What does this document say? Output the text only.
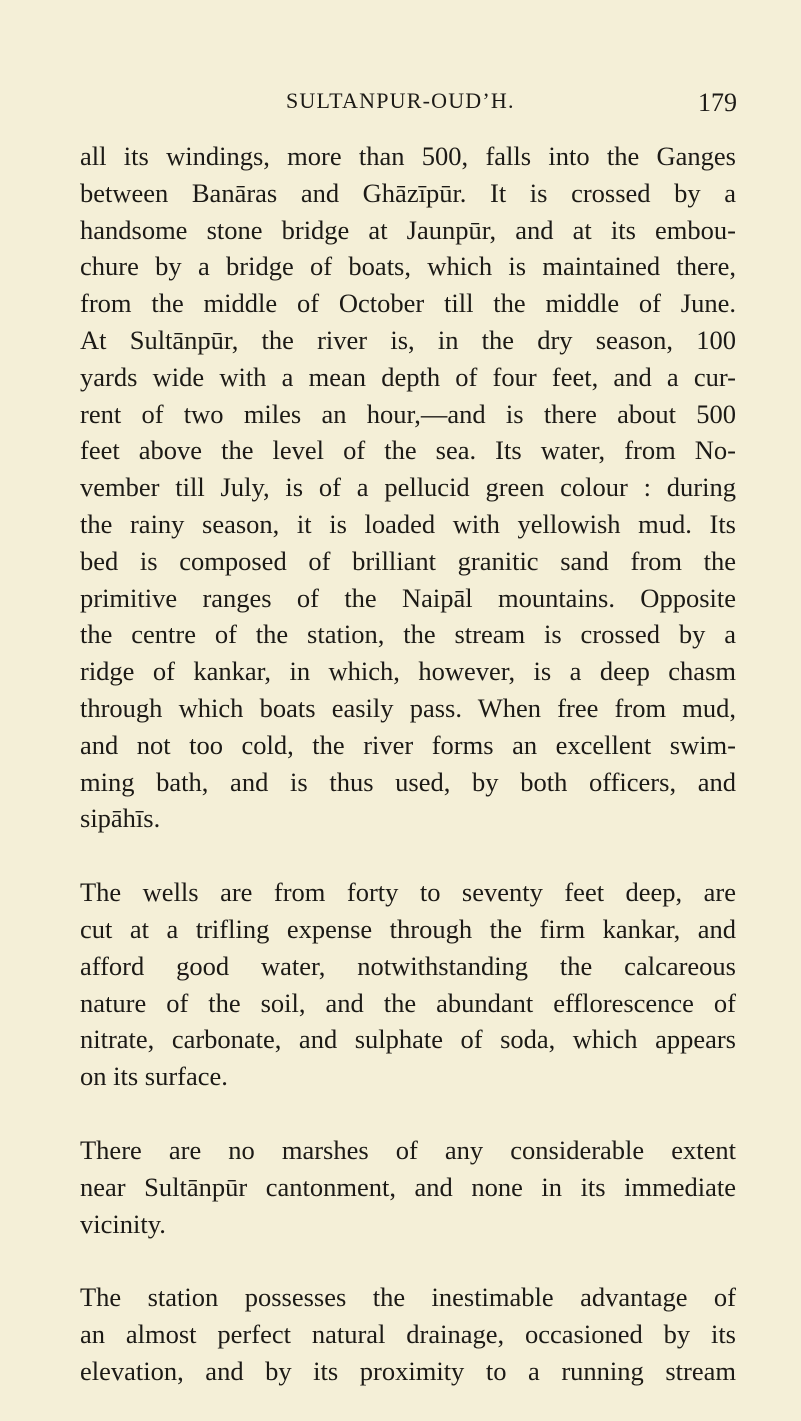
SULTANPUR-OUD’H.	179
all its windings, more than 500, falls into the Ganges
between Banāras and Ghāzīpūr. It is crossed by a
handsome stone bridge at Jaunpūr, and at its embou-
chure by a bridge of boats, which is maintained there,
from the middle of October till the middle of June.
At Sultānpūr, the river is, in the dry season, 100
yards wide with a mean depth of four feet, and a cur-
rent of two miles an hour,—and is there about 500
feet above the level of the sea. Its water, from No-
vember till July, is of a pellucid green colour : during
the rainy season, it is loaded with yellowish mud. Its
bed is composed of brilliant granitic sand from the
primitive ranges of the Naipāl mountains. Opposite
the centre of the station, the stream is crossed by a
ridge of kankar, in which, however, is a deep chasm
through which boats easily pass. When free from mud,
and not too cold, the river forms an excellent swim-
ming bath, and is thus used, by both officers, and
sipāhīs.
The wells are from forty to seventy feet deep, are
cut at a trifling expense through the firm kankar, and
afford good water, notwithstanding the calcareous
nature of the soil, and the abundant efflorescence of
nitrate, carbonate, and sulphate of soda, which appears
on its surface.
There are no marshes of any considerable extent
near Sultānpūr cantonment, and none in its immediate
vicinity.
The station possesses the inestimable advantage of
an almost perfect natural drainage, occasioned by its
elevation, and by its proximity to a running stream
